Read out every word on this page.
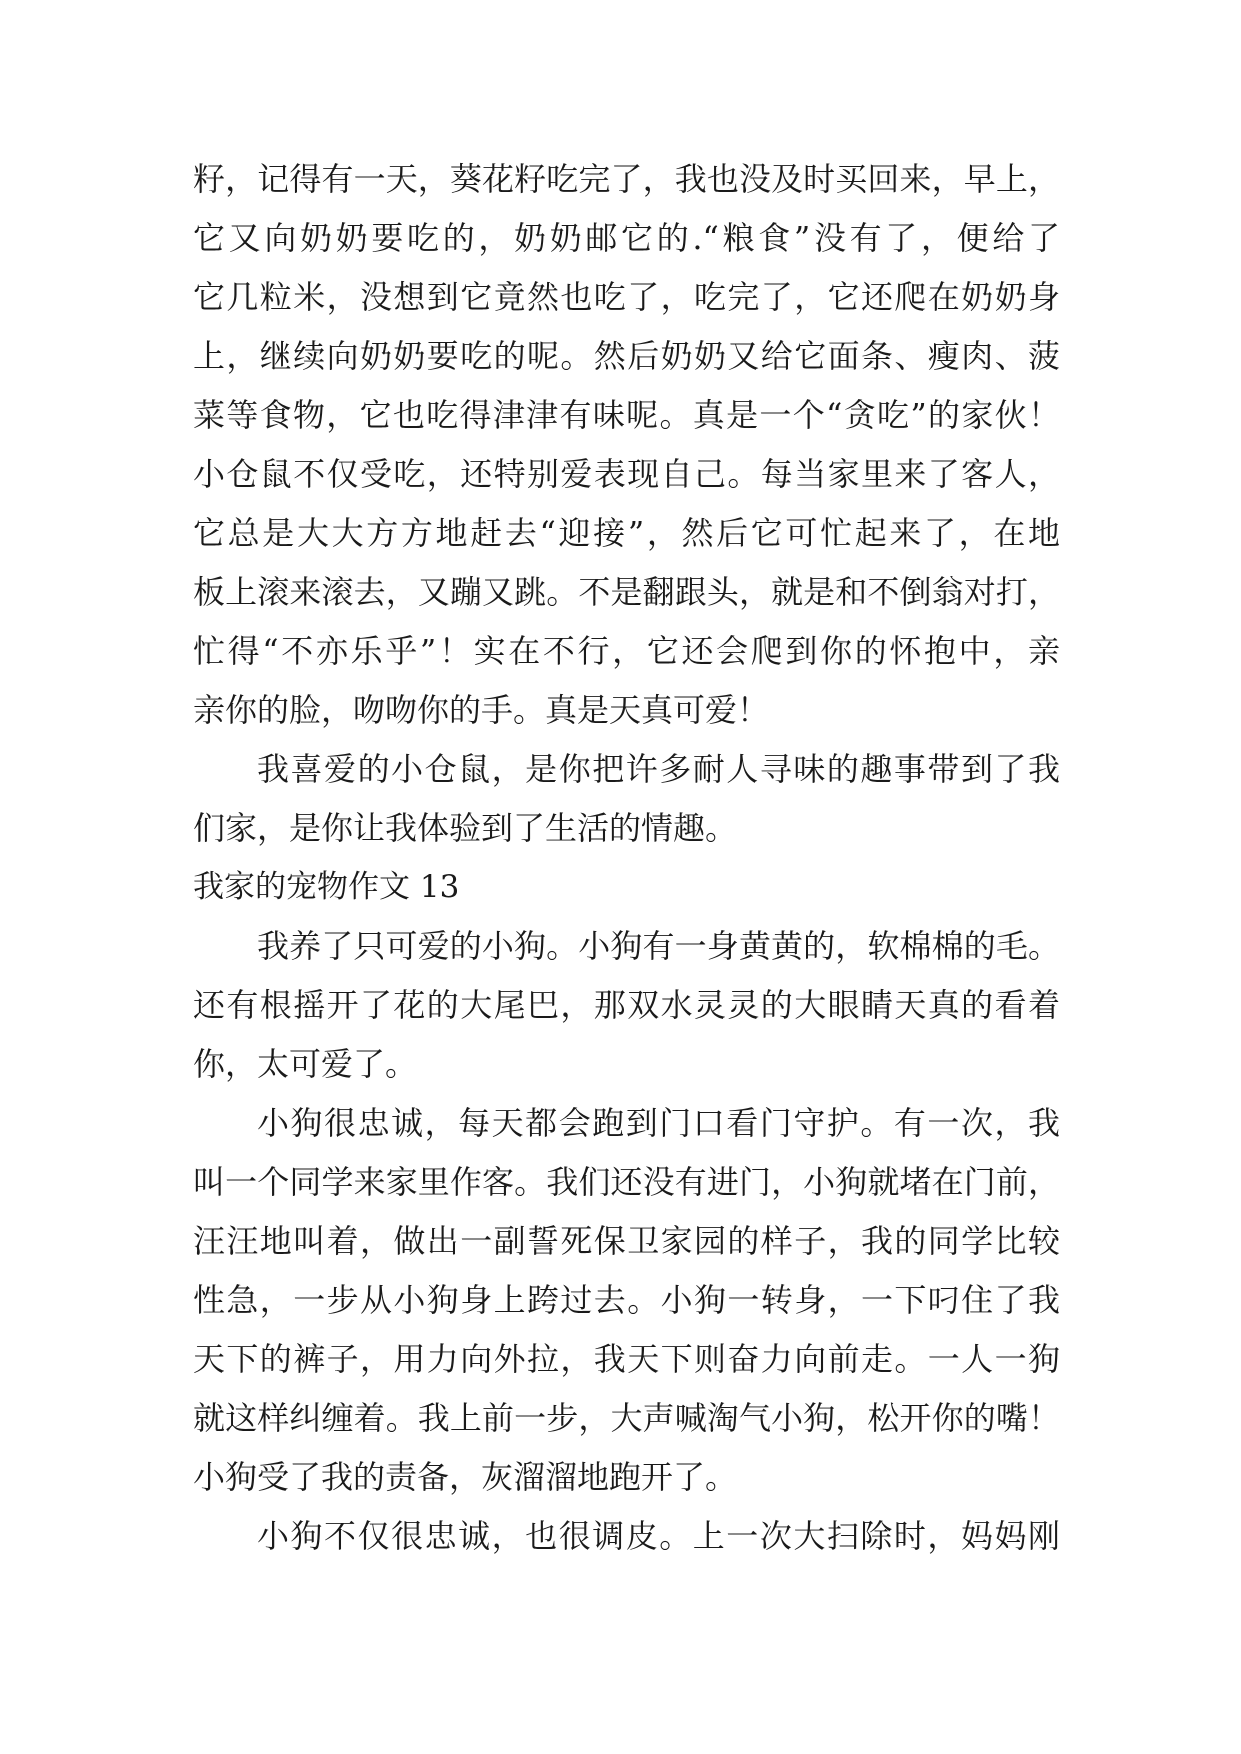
籽，记得有一天，葵花籽吃完了，我也没及时买回来，早上，
它又向奶奶要吃的，奶奶邮它的.“粮食”没有了，便给了
它几粒米，没想到它竟然也吃了，吃完了，它还爬在奶奶身
上，继续向奶奶要吃的呢。然后奶奶又给它面条、瘦肉、菠
菜等食物，它也吃得津津有味呢。真是一个“贪吃”的家伙！
小仓鼠不仅受吃，还特别爱表现自己。每当家里来了客人，
它总是大大方方地赶去“迎接”，然后它可忙起来了，在地
板上滚来滚去，又蹦又跳。不是翻跟头，就是和不倒翁对打，
忙得“不亦乐乎”！实在不行，它还会爬到你的怀抱中，亲
亲你的脸，吻吻你的手。真是天真可爱！
我喜爱的小仓鼠，是你把许多耐人寻味的趣事带到了我
们家，是你让我体验到了生活的情趣。
我家的宠物作文 13
我养了只可爱的小狗。小狗有一身黄黄的，软棉棉的毛。
还有根摇开了花的大尾巴，那双水灵灵的大眼睛天真的看着
你，太可爱了。
小狗很忠诚，每天都会跑到门口看门守护。有一次，我
叫一个同学来家里作客。我们还没有进门，小狗就堵在门前，
汪汪地叫着，做出一副誓死保卫家园的样子，我的同学比较
性急，一步从小狗身上跨过去。小狗一转身，一下叼住了我
天下的裤子，用力向外拉，我天下则奋力向前走。一人一狗
就这样纠缠着。我上前一步，大声喊淘气小狗，松开你的嘴！
小狗受了我的责备，灰溜溜地跑开了。
小狗不仅很忠诚，也很调皮。上一次大扫除时，妈妈刚
